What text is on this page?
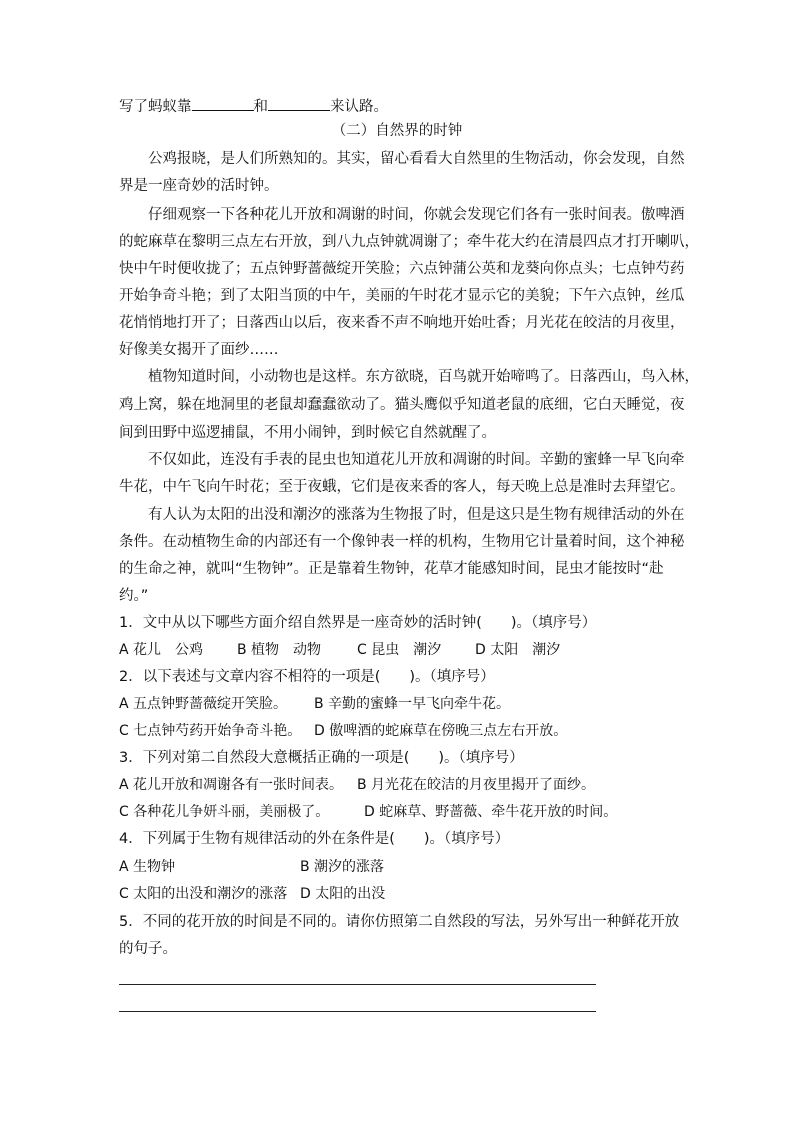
写了蚂蚁靠	和	来认路。
（二）自然界的时钟
公鸡报晓，是人们所熟知的。其实，留心看看大自然里的生物活动，你会发现，自然
界是一座奇妙的活时钟。
仔细观察一下各种花儿开放和凋谢的时间，你就会发现它们各有一张时间表。傲啤酒
的蛇麻草在黎明三点左右开放，到八九点钟就凋谢了；牵牛花大约在清晨四点才打开喇叭，
快中午时便收拢了；五点钟野蔷薇绽开笑脸；六点钟蒲公英和龙葵向你点头；七点钟芍药
开始争奇斗艳；到了太阳当顶的中午，美丽的午时花才显示它的美貌；下午六点钟，丝瓜
花悄悄地打开了；日落西山以后，夜来香不声不响地开始吐香；月光花在皎洁的月夜里，
好像美女揭开了面纱……
植物知道时间，小动物也是这样。东方欲晓，百鸟就开始啼鸣了。日落西山，鸟入林，
鸡上窝，躲在地洞里的老鼠却蠢蠢欲动了。猫头鹰似乎知道老鼠的底细，它白天睡觉，夜
间到田野中巡逻捕鼠，不用小闹钟，到时候它自然就醒了。
不仅如此，连没有手表的昆虫也知道花儿开放和凋谢的时间。辛勤的蜜蜂一早飞向牵
牛花，中午飞向午时花；至于夜蛾，它们是夜来香的客人，每天晚上总是准时去拜望它。
有人认为太阳的出没和潮汐的涨落为生物报了时，但是这只是生物有规律活动的外在
条件。在动植物生命的内部还有一个像钟表一样的机构，生物用它计量着时间，这个神秘
的生命之神，就叫“生物钟”。正是靠着生物钟，花草才能感知时间，昆虫才能按时“赴
约。”
1．文中从以下哪些方面介绍自然界是一座奇妙的活时钟(　　)。（填序号）
A 花儿　公鸡 B 植物　动物	C 昆虫　潮汐 D 太阳　潮汐
2．以下表述与文章内容不相符的一项是(　　)。（填序号）
A 五点钟野蔷薇绽开笑脸。 B 辛勤的蜜蜂一早飞向牵牛花。
C 七点钟芍药开始争奇斗艳。 D 傲啤酒的蛇麻草在傍晚三点左右开放。
3．下列对第二自然段大意概括正确的一项是(　　)。（填序号）
A 花儿开放和凋谢各有一张时间表。 B 月光花在皎洁的月夜里揭开了面纱。
C 各种花儿争妍斗丽，美丽极了。 D 蛇麻草、野蔷薇、牵牛花开放的时间。
4．下列属于生物有规律活动的外在条件是(　　)。（填序号）
A 生物钟	B 潮汐的涨落
C 太阳的出没和潮汐的涨落 D 太阳的出没
5．不同的花开放的时间是不同的。请你仿照第二自然段的写法，另外写出一种鲜花开放
的句子。
